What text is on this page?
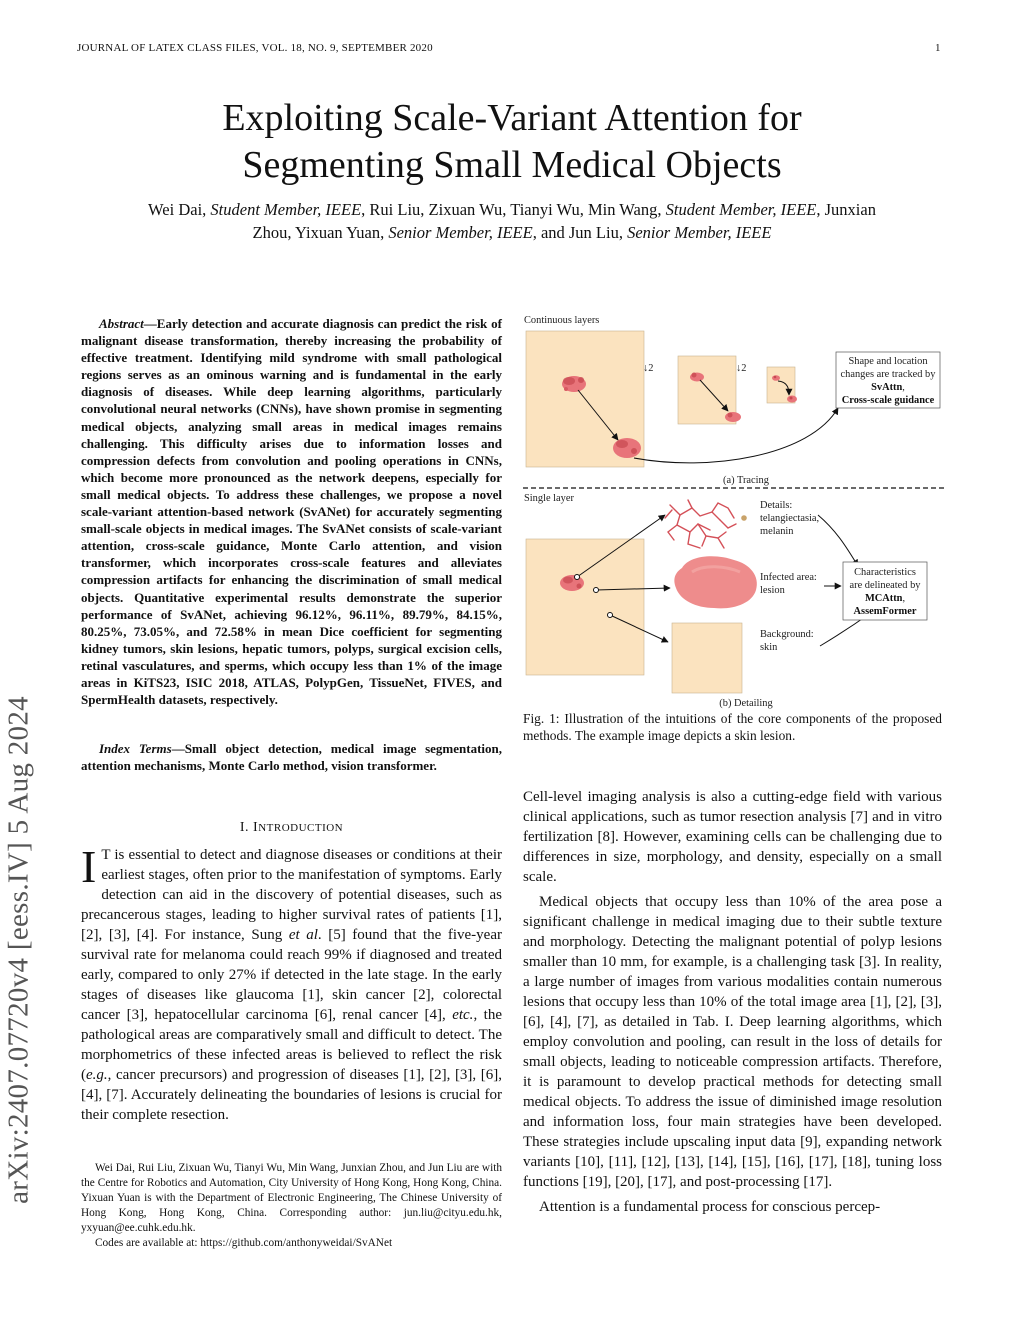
JOURNAL OF LATEX CLASS FILES, VOL. 18, NO. 9, SEPTEMBER 2020	1
arXiv:2407.07720v4 [eess.IV] 5 Aug 2024
Exploiting Scale-Variant Attention for
Segmenting Small Medical Objects
Wei Dai, Student Member, IEEE, Rui Liu, Zixuan Wu, Tianyi Wu, Min Wang, Student Member, IEEE, Junxian
Zhou, Yixuan Yuan, Senior Member, IEEE, and Jun Liu, Senior Member, IEEE

Abstract—Early detection and accurate diagnosis can predict the risk of malignant disease transformation, thereby increasing the probability of effective treatment. Identifying mild syndrome with small pathological regions serves as an ominous warning and is fundamental in the early diagnosis of diseases. While deep learning algorithms, particularly convolutional neural networks (CNNs), have shown promise in segmenting medical objects, analyzing small areas in medical images remains challenging. This difficulty arises due to information losses and compression defects from convolution and pooling operations in CNNs, which become more pronounced as the network deepens, especially for small medical objects. To address these challenges, we propose a novel scale-variant attention-based network (SvANet) for accurately segmenting small-scale objects in medical images. The SvANet consists of scale-variant attention, cross-scale guidance, Monte Carlo attention, and vision transformer, which incorporates cross-scale features and alleviates compression artifacts for enhancing the discrimination of small medical objects. Quantitative experimental results demonstrate the superior performance of SvANet, achieving 96.12%, 96.11%, 89.79%, 84.15%, 80.25%, 73.05%, and 72.58% in mean Dice coefficient for segmenting kidney tumors, skin lesions, hepatic tumors, polyps, surgical excision cells, retinal vasculatures, and sperms, which occupy less than 1% of the image areas in KiTS23, ISIC 2018, ATLAS, PolypGen, TissueNet, FIVES, and SpermHealth datasets, respectively.

Index Terms—Small object detection, medical image segmentation, attention mechanisms, Monte Carlo method, vision transformer.

I. INTRODUCTION

I T is essential to detect and diagnose diseases or conditions at their earliest stages, often prior to the manifestation of symptoms. Early detection can aid in the discovery of potential diseases, such as precancerous stages, leading to higher survival rates of patients [1], [2], [3], [4]. For instance, Sung et al. [5] found that the five-year survival rate for melanoma could reach 99% if diagnosed and treated early, compared to only 27% if detected in the late stage. In the early stages of diseases like glaucoma [1], skin cancer [2], colorectal cancer [3], hepatocellular carcinoma [6], renal cancer [4], etc., the pathological areas are comparatively small and difficult to detect. The morphometrics of these infected areas is believed to reflect the risk (e.g., cancer precursors) and progression of diseases [1], [2], [3], [6], [4], [7]. Accurately delineating the boundaries of lesions is crucial for their complete resection.

Wei Dai, Rui Liu, Zixuan Wu, Tianyi Wu, Min Wang, Junxian Zhou, and Jun Liu are with the Centre for Robotics and Automation, City University of Hong Kong, Hong Kong, China. Yixuan Yuan is with the Department of Electronic Engineering, The Chinese University of Hong Kong, Hong Kong, China. Corresponding author: jun.liu@cityu.edu.hk, yxyuan@ee.cuhk.edu.hk.

Codes are available at: https://github.com/anthonyweidai/SvANet

Continuous layers
↓2	↓2
Shape and location
changes are tracked by
SvAttn,
Cross-scale guidance
(a) Tracing
Single layer
Details:
telangiectasia,
melanin
Infected area:
lesion
Background:
skin
Characteristics
are delineated by
MCAttn,
AssemFormer
(b) Detailing
Fig. 1: Illustration of the intuitions of the core components of the proposed methods. The example image depicts a skin lesion.

Cell-level imaging analysis is also a cutting-edge field with various clinical applications, such as tumor resection analysis [7] and in vitro fertilization [8]. However, examining cells can be challenging due to differences in size, morphology, and density, especially on a small scale.

Medical objects that occupy less than 10% of the area pose a significant challenge in medical imaging due to their subtle texture and morphology. Detecting the malignant potential of polyp lesions smaller than 10 mm, for example, is a challenging task [3]. In reality, a large number of images from various modalities contain numerous lesions that occupy less than 10% of the total image area [1], [2], [3], [6], [4], [7], as detailed in Tab. I. Deep learning algorithms, which employ convolution and pooling, can result in the loss of details for small objects, leading to noticeable compression artifacts. Therefore, it is paramount to develop practical methods for detecting small medical objects. To address the issue of diminished image resolution and information loss, four main strategies have been developed. These strategies include upscaling input data [9], expanding network variants [10], [11], [12], [13], [14], [15], [16], [17], [18], tuning loss functions [19], [20], [17], and post-processing [17].

Attention is a fundamental process for conscious percep-
